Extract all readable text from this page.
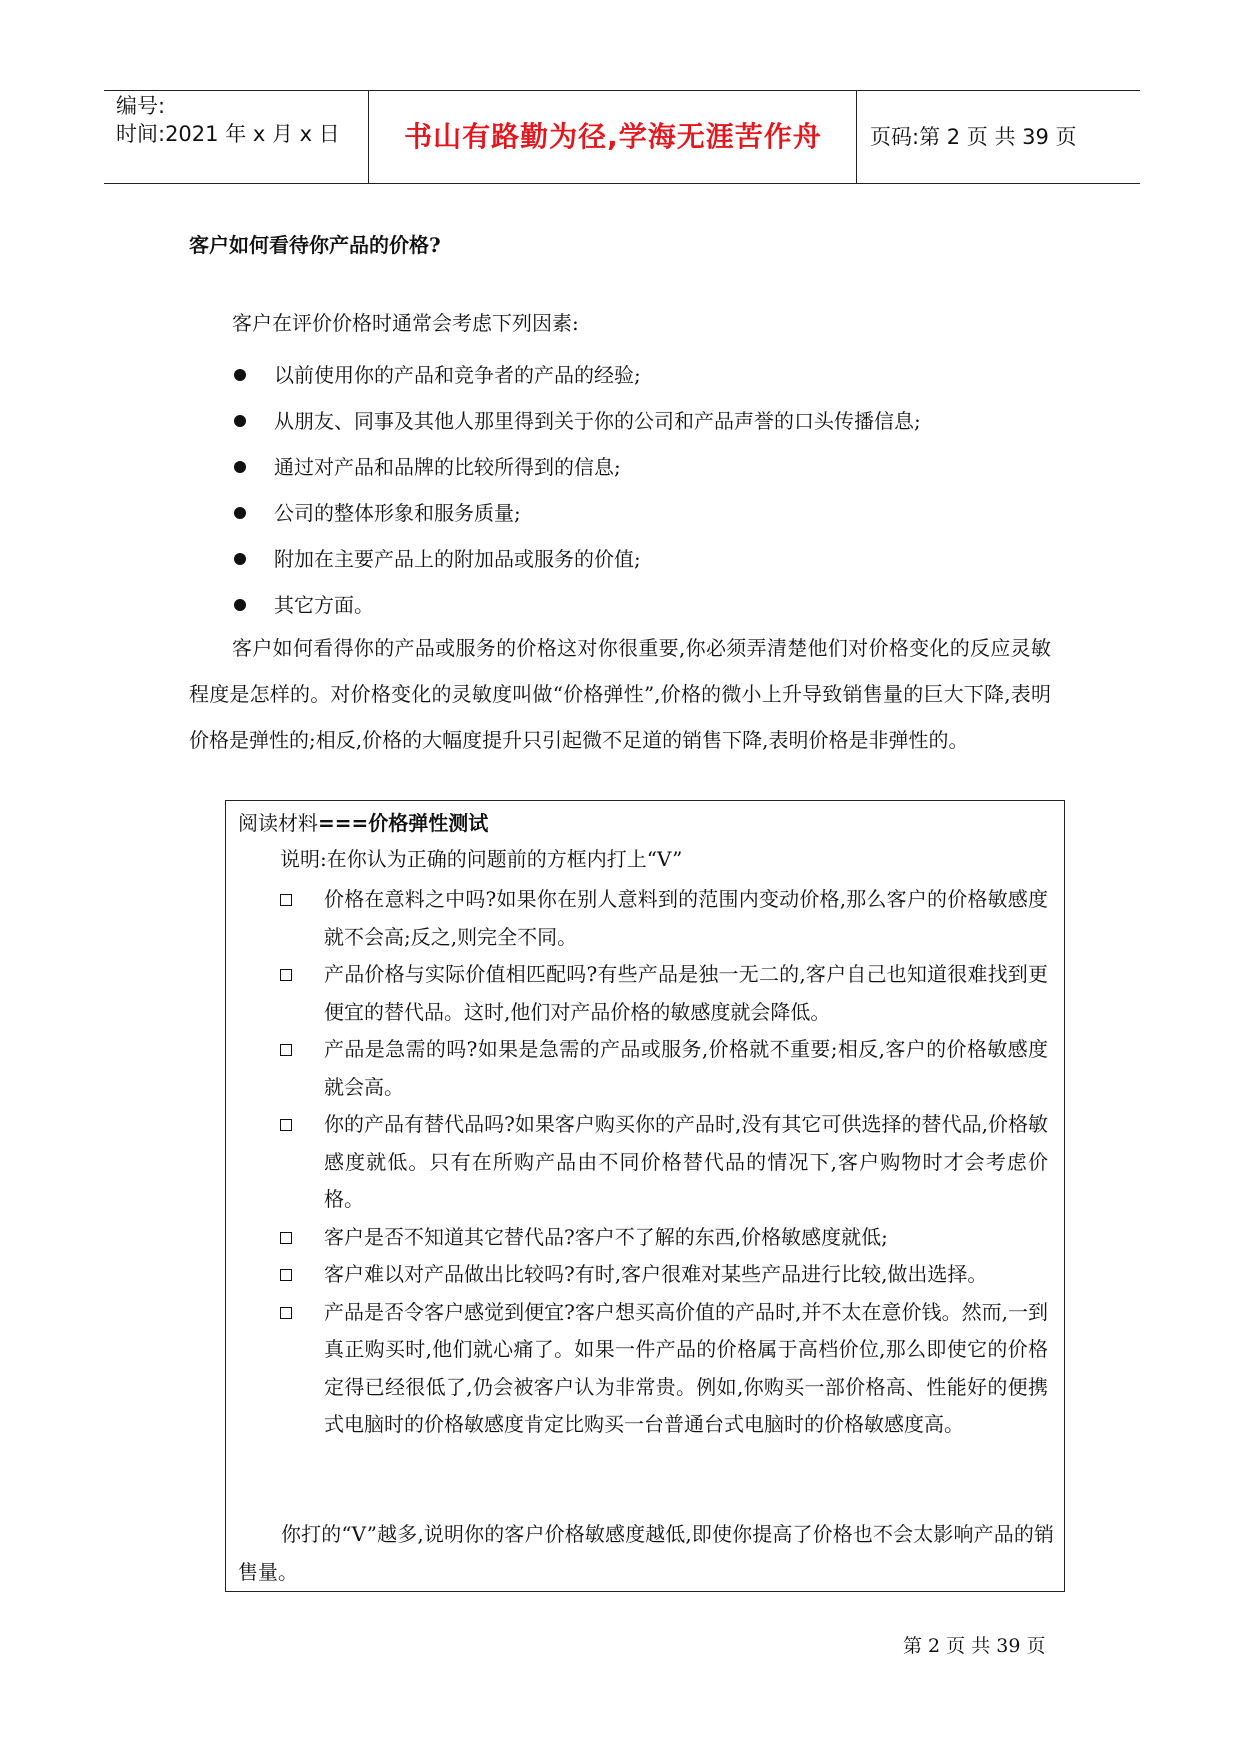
编号:
时间:2021 年 x 月 x 日	书山有路勤为径,学海无涯苦作舟	页码:第 2 页 共 39 页
客户如何看待你产品的价格?
客户在评价价格时通常会考虑下列因素:
以前使用你的产品和竞争者的产品的经验;
从朋友、同事及其他人那里得到关于你的公司和产品声誉的口头传播信息;
通过对产品和品牌的比较所得到的信息;
公司的整体形象和服务质量;
附加在主要产品上的附加品或服务的价值;
其它方面。
客户如何看得你的产品或服务的价格这对你很重要,你必须弄清楚他们对价格变化的反应灵敏程度是怎样的。对价格变化的灵敏度叫做“价格弹性”,价格的微小上升导致销售量的巨大下降,表明价格是弹性的;相反,价格的大幅度提升只引起微不足道的销售下降,表明价格是非弹性的。
阅读材料===价格弹性测试
说明:在你认为正确的问题前的方框内打上“V”
价格在意料之中吗?如果你在别人意料到的范围内变动价格,那么客户的价格敏感度就不会高;反之,则完全不同。
产品价格与实际价值相匹配吗?有些产品是独一无二的,客户自己也知道很难找到更便宜的替代品。这时,他们对产品价格的敏感度就会降低。
产品是急需的吗?如果是急需的产品或服务,价格就不重要;相反,客户的价格敏感度就会高。
你的产品有替代品吗?如果客户购买你的产品时,没有其它可供选择的替代品,价格敏感度就低。只有在所购产品由不同价格替代品的情况下,客户购物时才会考虑价格。
客户是否不知道其它替代品?客户不了解的东西,价格敏感度就低;
客户难以对产品做出比较吗?有时,客户很难对某些产品进行比较,做出选择。
产品是否令客户感觉到便宜?客户想买高价值的产品时,并不太在意价钱。然而,一到真正购买时,他们就心痛了。如果一件产品的价格属于高档价位,那么即使它的价格定得已经很低了,仍会被客户认为非常贵。例如,你购买一部价格高、性能好的便携式电脑时的价格敏感度肯定比购买一台普通台式电脑时的价格敏感度高。
你打的“V”越多,说明你的客户价格敏感度越低,即使你提高了价格也不会太影响产品的销售量。
第 2 页 共 39 页
